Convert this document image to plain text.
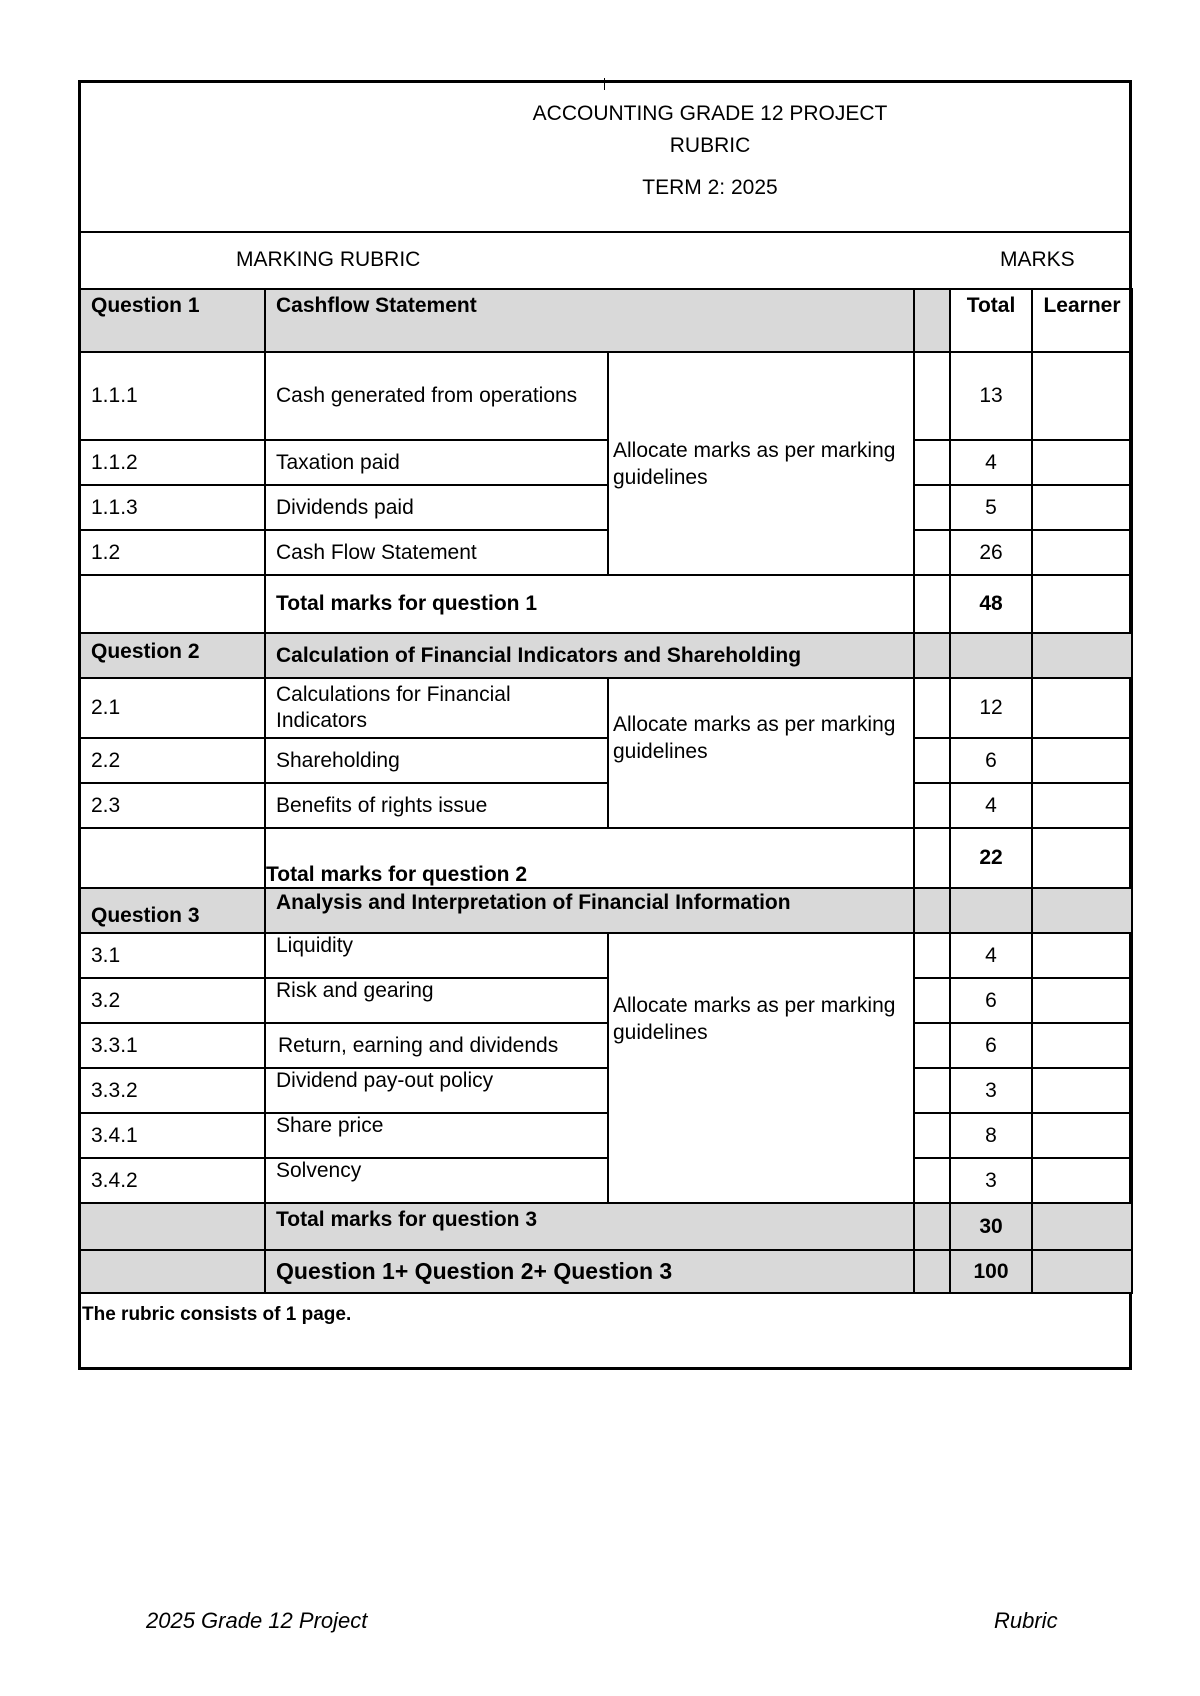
ACCOUNTING GRADE 12 PROJECT
RUBRIC
TERM 2: 2025
MARKING RUBRIC	MARKS
Question 1	Cashflow Statement			Total	Learner
1.1.1	Cash generated from operations	Allocate marks as per marking guidelines		13	
1.1.2	Taxation paid			4	
1.1.3	Dividends paid			5	
1.2	Cash Flow Statement			26	
	Total marks for question 1			48	
Question 2	Calculation of Financial Indicators and Shareholding				
2.1	Calculations for Financial Indicators	Allocate marks as per marking guidelines		12	
2.2	Shareholding			6	
2.3	Benefits of rights issue			4	
	Total marks for question 2			22	
Question 3	Analysis and Interpretation of Financial Information				
3.1	Liquidity	Allocate marks as per marking guidelines		4	
3.2	Risk and gearing			6	
3.3.1	Return, earning and dividends			6	
3.3.2	Dividend pay-out policy			3	
3.4.1	Share price			8	
3.4.2	Solvency			3	
	Total marks for question 3			30	
	Question 1+ Question 2+ Question 3			100	
The rubric consists of 1 page.
2025 Grade 12 Project	Rubric
